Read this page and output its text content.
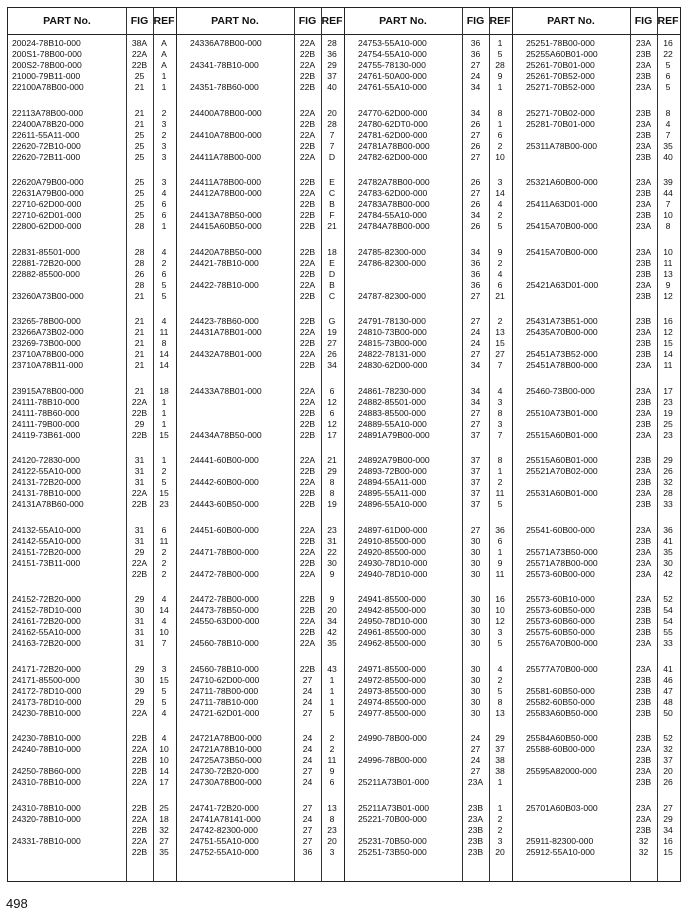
PART No.	FIG REF
20024-78B10-000	38A	A
200S1-78B00-000	22A	A
200S2-78B00-000	22B	A
21000-79B11-000	25	1
22100A78B00-000	21	1
22113A78B00-000	21	2
22400A78B20-000	21	3
22611-55A11-000	25	2
22620-72B10-000	25	3
22620-72B11-000	25	3
22620A79B00-000	25	3
22631A79B00-000	25	4
22710-62D00-000	25	6
22710-62D01-000	25	6
22800-62D00-000	28	1
22831-85501-000	28	4
22881-72B20-000	28	2
22882-85500-000	26	6
28	5
23260A73B00-000	21	5
23265-78B00-000	21	4
23266A73B02-000	21	11
23269-73B00-000	21	8
23710A78B00-000	21	14
23710A78B11-000	21	14
23915A78B00-000	21	18
24111-78B10-000	22A	1
24111-78B60-000	22B	1
24111-79B00-000	29	1
24119-73B61-000	22B	15
24120-72830-000	31	1
24122-55A10-000	31	2
24131-72B20-000	31	5
24131-78B10-000	22A	15
24131A78B60-000	22B	23
24132-55A10-000	31	6
24142-55A10-000	31	11
24151-72B20-000	29	2
24151-73B11-000	22A	2
22B	2
24152-72B20-000	29	4
24152-78D10-000	30	14
24161-72B20-000	31	4
24162-55A10-000	31	10
24163-72B20-000	31	7
24171-72B20-000	29	3
24171-85500-000	30	15
24172-78D10-000	29	5
24173-78D10-000	29	5
24230-78B10-000	22A	4
24230-78B10-000	22B	4
24240-78B10-000	22A	10
22B	10
24250-78B60-000	22B	14
24310-78B10-000	22A	17
24310-78B10-000	22B	25
24320-78B10-000	22A	18
22B	32
24331-78B10-000	22A	27
22B	35
PART No.	FIG REF
24336A78B00-000	22A	28
22B	36
24341-78B10-000	22A	29
22B	37
24351-78B60-000	22B	40
24400A78B00-000	22A	20
22B	28
24410A78B00-000	22A	7
22B	7
24411A78B00-000	22A	D
24411A78B00-000	22B	E
24412A78B00-000	22A	C
22B	B
24413A78B50-000	22B	F
24415A60B50-000	22B	21
24420A78B50-000	22B	18
24421-78B10-000	22A	E
22B	D
24422-78B10-000	22A	B
22B	C
24423-78B60-000	22B	G
24431A78B01-000	22A	19
22B	27
24432A78B01-000	22A	26
22B	34
24433A78B01-000	22A	6
22A	12
22B	6
22B	12
24434A78B50-000	22B	17
24441-60B00-000	22A	21
22B	29
24442-60B00-000	22A	8
22B	8
24443-60B50-000	22B	19
24451-60B00-000	22A	23
22B	31
24471-78B00-000	22A	22
22B	30
24472-78B00-000	22A	9
24472-78B00-000	22B	9
24473-78B50-000	22B	20
24550-63D00-000	22A	34
22B	42
24560-78B10-000	22A	35
24560-78B10-000	22B	43
24710-62D00-000	27	1
24711-78B00-000	24	1
24711-78B10-000	24	1
24721-62D01-000	27	5
24721A78B00-000	24	2
24721A78B10-000	24	2
24725A73B50-000	24	11
24730-72B20-000	27	9
24730A78B00-000	24	6
24741-72B20-000	27	13
24741A78141-000	24	8
24742-82300-000	27	23
24751-55A10-000	27	20
24752-55A10-000	36	3
PART No.	FIG REF
24753-55A10-000	36	1
24754-55A10-000	36	5
24755-78130-000	27	28
24761-50A00-000	24	9
24761-55A10-000	34	1
24770-62D00-000	34	8
24780-62DT0-000	26	1
24781-62D00-000	27	6
24781A78B00-000	26	2
24782-62D00-000	27	10
24782A78B00-000	26	3
24783-62D00-000	27	14
24783A78B00-000	26	4
24784-55A10-000	34	2
24784A78B00-000	26	5
24785-82300-000	34	9
24786-82300-000	36	2
36	4
36	6
24787-82300-000	27	21
24791-78130-000	27	2
24810-73B00-000	24	13
24815-73B00-000	24	15
24822-78131-000	27	27
24830-62D00-000	34	7
24861-78230-000	34	4
24882-85501-000	34	3
24883-85500-000	27	8
24889-55A10-000	27	3
24891A79B00-000	37	7
24892A79B00-000	37	8
24893-72B00-000	37	1
24894-55A11-000	37	2
24895-55A11-000	37	11
24896-55A10-000	37	5
24897-61D00-000	27	36
24910-85500-000	30	6
24920-85500-000	30	1
24930-78D10-000	30	9
24940-78D10-000	30	11
24941-85500-000	30	16
24942-85500-000	30	10
24950-78D10-000	30	12
24961-85500-000	30	3
24962-85500-000	30	5
24971-85500-000	30	4
24972-85500-000	30	2
24973-85500-000	30	5
24974-85500-000	30	8
24977-85500-000	30	13
24990-78B00-000	24	29
27	37
24996-78B00-000	24	38
27	38
25211A73B01-000	23A	1
25211A73B01-000	23B	1
25221-70B00-000	23A	2
23B	2
25231-70B50-000	23B	3
25251-73B50-000	23B	20
PART No.	FIG REF
25251-78B00-000	23A	16
25255A60B01-000	23B	22
25261-70B01-000	23A	5
25261-70B52-000	23B	6
25271-70B52-000	23A	5
25271-70B02-000	23B	8
25281-70B01-000	23A	4
23B	7
25311A78B00-000	23A	35
23B	40
25321A60B00-000	23A	39
23B	44
25411A63D01-000	23A	7
23B	10
25415A70B00-000	23A	8
25415A70B00-000	23A	10
23B	11
23B	13
25421A63D01-000	23A	9
23B	12
25431A73B51-000	23B	16
25435A70B00-000	23A	12
23B	15
25451A73B52-000	23B	14
25451A78B00-000	23A	11
25460-73B00-000	23A	17
23B	23
25510A73B01-000	23A	19
23B	25
25515A60B01-000	23A	23
25515A60B01-000	23B	29
25521A70B02-000	23A	26
23B	32
25531A60B01-000	23A	28
23B	33
25541-60B00-000	23A	36
23B	41
25571A73B50-000	23A	35
25571A78B00-000	23A	30
25573-60B00-000	23A	42
25573-60B10-000	23A	52
25573-60B50-000	23B	54
25573-60B60-000	23B	54
25575-60B50-000	23B	55
25576A70B00-000	23A	33
25577A70B00-000	23A	41
23B	46
25581-60B50-000	23B	47
25582-60B50-000	23B	48
25583A60B50-000	23B	50
25584A60B50-000	23B	52
25588-60B00-000	23A	32
23B	37
25595A82000-000	23A	20
23B	26
25701A60B03-000	23A	27
23A	29
23B	34
25911-82300-000	32	16
25912-55A10-000	32	15
498
